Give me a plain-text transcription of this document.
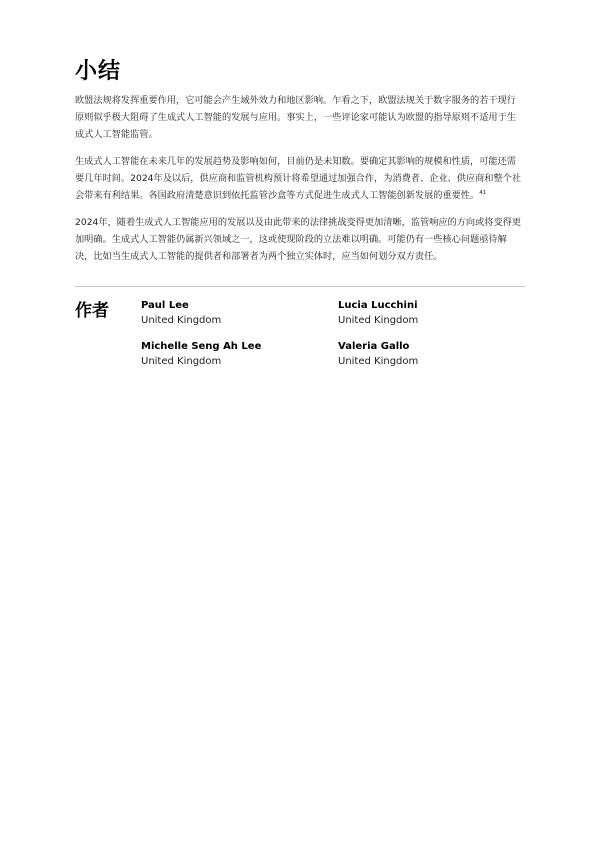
小结

欧盟法规将发挥重要作用，它可能会产生域外效力和地区影响。乍看之下，欧盟法规关于数字服务的若干现行原则似乎极大阻碍了生成式人工智能的发展与应用。事实上，一些评论家可能认为欧盟的指导原则不适用于生成式人工智能监管。

生成式人工智能在未来几年的发展趋势及影响如何，目前仍是未知数。要确定其影响的规模和性质，可能还需要几年时间。2024年及以后，供应商和监管机构预计将希望通过加强合作，为消费者、企业、供应商和整个社会带来有利结果。各国政府清楚意识到依托监管沙盒等方式促进生成式人工智能创新发展的重要性。$^{41}$

2024年，随着生成式人工智能应用的发展以及由此带来的法律挑战变得更加清晰，监管响应的方向或将变得更加明确。生成式人工智能仍属新兴领域之一，这或使现阶段的立法难以明确。可能仍有一些核心问题亟待解决，比如当生成式人工智能的提供者和部署者为两个独立实体时，应当如何划分双方责任。

作者	Paul Lee
United Kingdom
Lucia Lucchini
United Kingdom
Michelle Seng Ah Lee
United Kingdom
Valeria Gallo
United Kingdom
